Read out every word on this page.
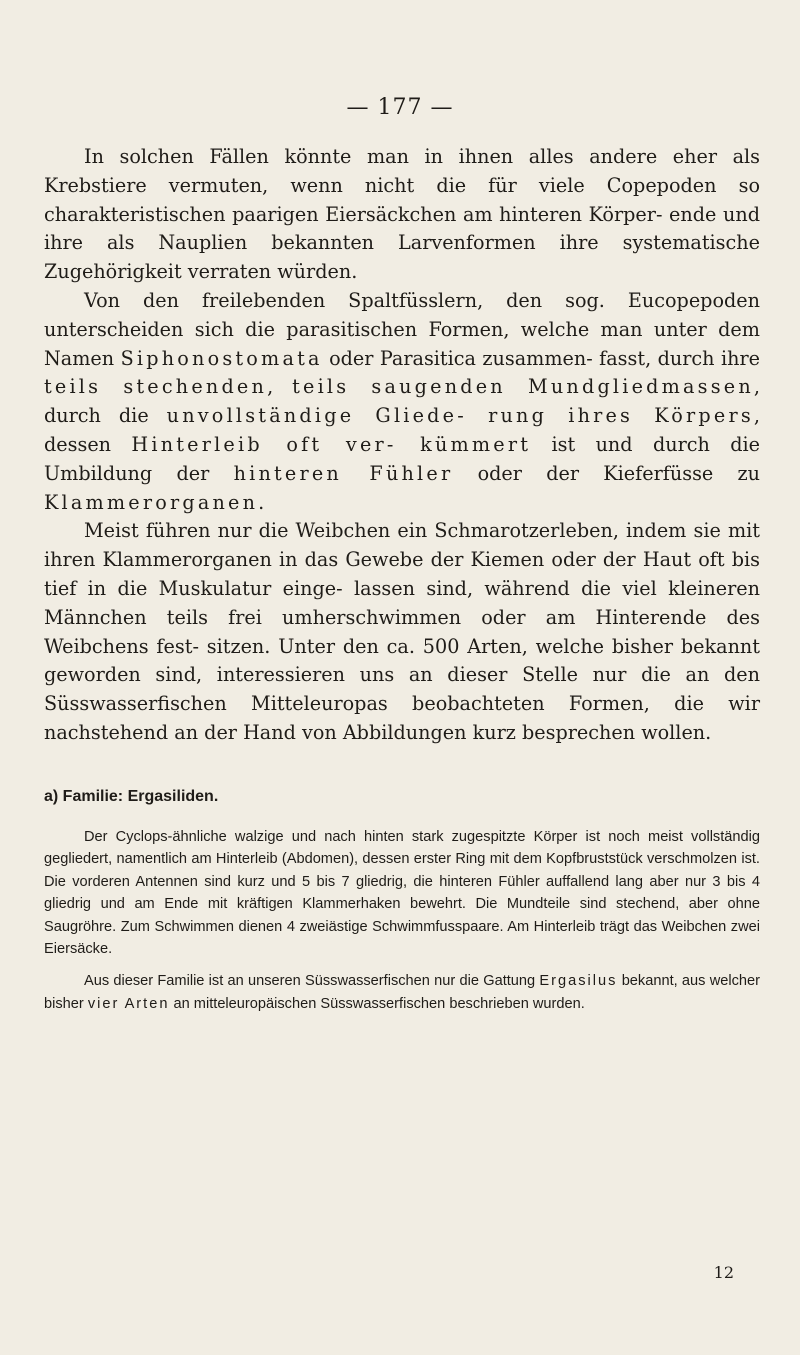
— 177 —

In solchen Fällen könnte man in ihnen alles andere eher als Krebstiere vermuten, wenn nicht die für viele Copepoden so charakteristischen paarigen Eiersäckchen am hinteren Körper- ende und ihre als Nauplien bekannten Larvenformen ihre systematische Zugehörigkeit verraten würden.

Von den freilebenden Spaltfüsslern, den sog. Eucopepoden unterscheiden sich die parasitischen Formen, welche man unter dem Namen Siphonostomata oder Parasitica zusammen- fasst, durch ihre teils stechenden, teils saugenden Mundgliedmassen, durch die unvollständige Gliede- rung ihres Körpers, dessen Hinterleib oft ver- kümmert ist und durch die Umbildung der hinteren Fühler oder der Kieferfüsse zu Klammerorganen.

Meist führen nur die Weibchen ein Schmarotzerleben, indem sie mit ihren Klammerorganen in das Gewebe der Kiemen oder der Haut oft bis tief in die Muskulatur einge- lassen sind, während die viel kleineren Männchen teils frei umherschwimmen oder am Hinterende des Weibchens fest- sitzen. Unter den ca. 500 Arten, welche bisher bekannt geworden sind, interessieren uns an dieser Stelle nur die an den Süsswasserfischen Mitteleuropas beobachteten Formen, die wir nachstehend an der Hand von Abbildungen kurz besprechen wollen.

a) Familie: Ergasiliden.

Der Cyclops-ähnliche walzige und nach hinten stark zugespitzte Körper ist noch meist vollständig gegliedert, namentlich am Hinterleib (Abdomen), dessen erster Ring mit dem Kopfbruststück verschmolzen ist. Die vorderen Antennen sind kurz und 5 bis 7 gliedrig, die hinteren Fühler auffallend lang aber nur 3 bis 4 gliedrig und am Ende mit kräftigen Klammerhaken bewehrt. Die Mundteile sind stechend, aber ohne Saugröhre. Zum Schwimmen dienen 4 zweiästige Schwimmfusspaare. Am Hinterleib trägt das Weibchen zwei Eiersäcke.

Aus dieser Familie ist an unseren Süsswasserfischen nur die Gattung Ergasilus bekannt, aus welcher bisher vier Arten an mitteleuropäischen Süsswasserfischen beschrieben wurden.

12
